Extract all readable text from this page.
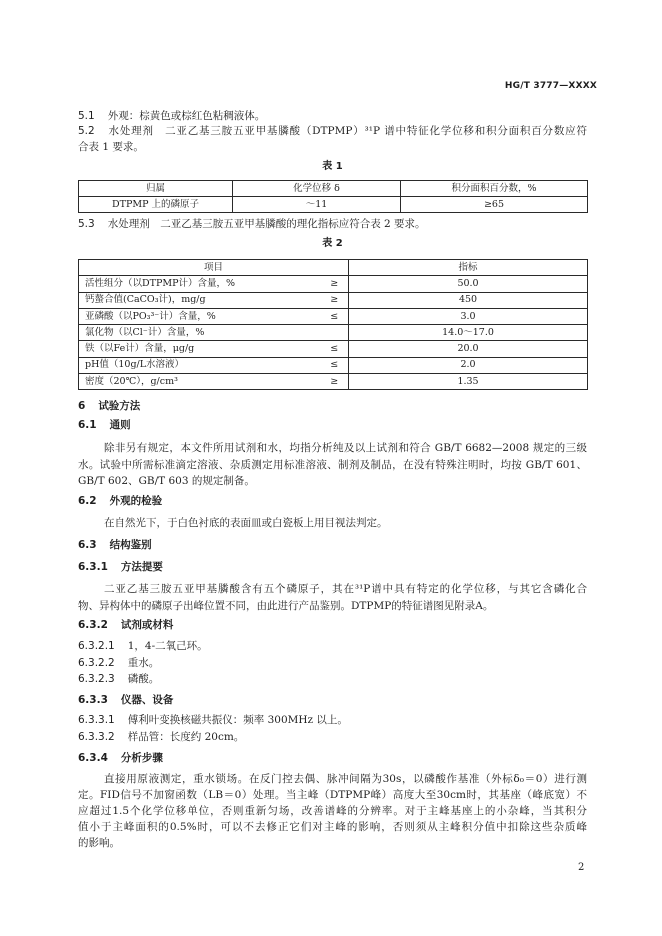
HG/T 3777—XXXX
5.1 外观：棕黄色或棕红色粘稠液体。
5.2 水处理剂　二亚乙基三胺五亚甲基膦酸（DTPMP）³¹P 谱中特征化学位移和积分面积百分数应符
合表 1 要求。
表 1
归属	化学位移 δ	积分面积百分数，%
DTPMP 上的磷原子	～11	≥65
5.3 水处理剂　二亚乙基三胺五亚甲基膦酸的理化指标应符合表 2 要求。
表 2
项目		指标
活性组分（以DTPMP计）含量，%	≥	50.0
钙螯合值(CaCO₃计)，mg/g	≥	450
亚磷酸（以PO₃³⁻计）含量，%	≤	3.0
氯化物（以Cl⁻计）含量，%		14.0～17.0
铁（以Fe计）含量，μg/g	≤	20.0
pH值（10g/L水溶液）	≤	2.0
密度（20℃），g/cm³	≥	1.35
6 试验方法
6.1 通则
除非另有规定，本文件所用试剂和水，均指分析纯及以上试剂和符合 GB/T 6682—2008 规定的三级
水。试验中所需标准滴定溶液、杂质测定用标准溶液、制剂及制品，在没有特殊注明时，均按 GB/T 601、
GB/T 602、GB/T 603 的规定制备。
6.2 外观的检验
在自然光下，于白色衬底的表面皿或白瓷板上用目视法判定。
6.3 结构鉴别
6.3.1 方法提要
二亚乙基三胺五亚甲基膦酸含有五个磷原子，其在³¹P谱中具有特定的化学位移，与其它含磷化合
物、异构体中的磷原子出峰位置不同，由此进行产品鉴别。DTPMP的特征谱图见附录A。
6.3.2 试剂或材料
6.3.2.1 1，4-二氧己环。
6.3.2.2 重水。
6.3.2.3 磷酸。
6.3.3 仪器、设备
6.3.3.1 傅利叶变换核磁共振仪：频率 300MHz 以上。
6.3.3.2 样品管：长度约 20cm。
6.3.4 分析步骤
直接用原液测定，重水锁场。在反门控去偶、脉冲间隔为30s，以磷酸作基准（外标δ₀＝0）进行测
定。FID信号不加窗函数（LB＝0）处理。当主峰（DTPMP峰）高度大至30cm时，其基座（峰底宽）不
应超过1.5个化学位移单位，否则重新匀场，改善谱峰的分辨率。对于主峰基座上的小杂峰，当其积分
值小于主峰面积的0.5%时，可以不去修正它们对主峰的影响，否则须从主峰积分值中扣除这些杂质峰
的影响。
2
